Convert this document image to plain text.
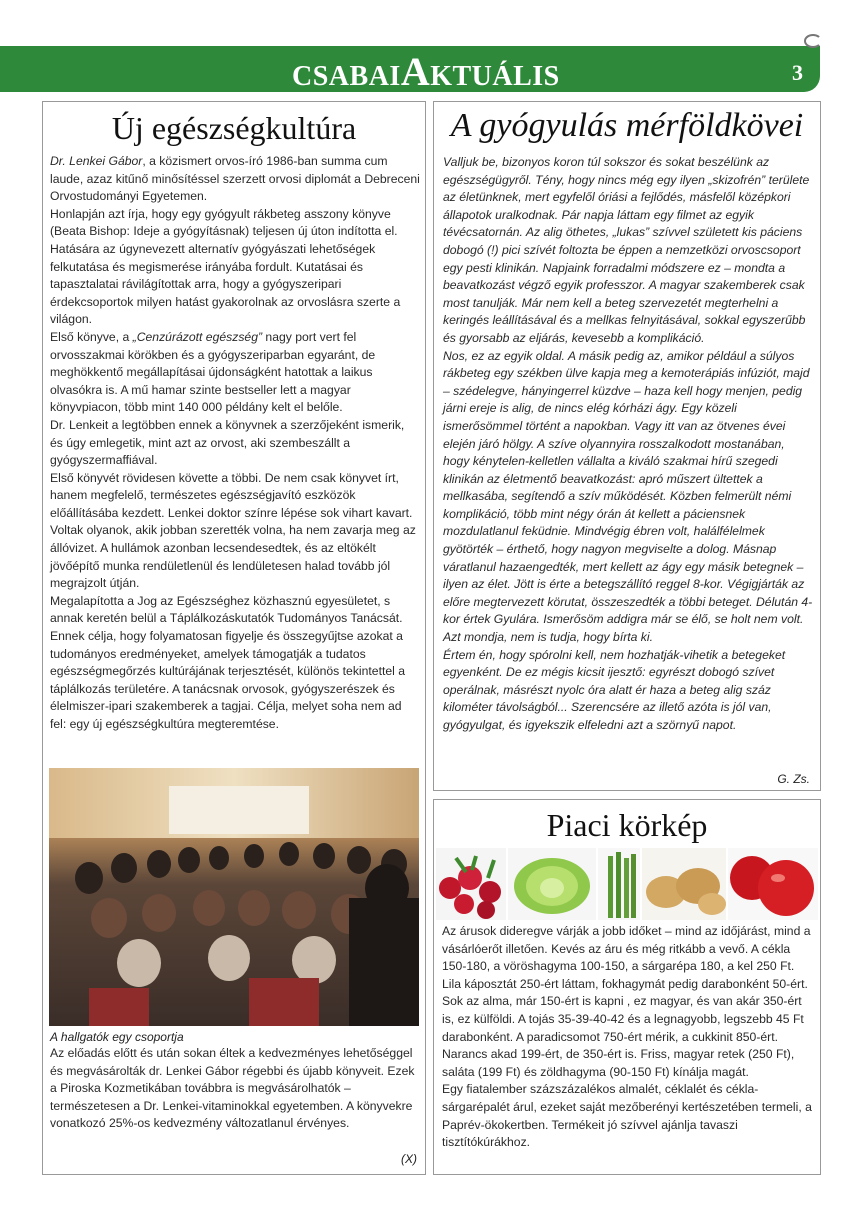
CSABAIAKTUÁLIS	3
Új egészségkultúra

Dr. Lenkei Gábor, a közismert orvos-író 1986-ban summa cum laude, azaz kitűnő minősítéssel szerzett orvosi diplomát a Debreceni Orvostudományi Egyetemen.

Honlapján azt írja, hogy egy gyógyult rákbeteg asszony könyve (Beata Bishop: Ideje a gyógyításnak) teljesen új úton indította el. Hatására az úgynevezett alternatív gyógyászati lehetőségek felkutatása és megismerése irányába fordult. Kutatásai és tapasztalatai rávilágítottak arra, hogy a gyógyszeripari érdekcsoportok milyen hatást gyakorolnak az orvoslásra szerte a világon.

Első könyve, a „Cenzúrázott egészség” nagy port vert fel orvosszakmai körökben és a gyógyszeriparban egyaránt, de meghökkentő megállapításai újdonságként hatottak a laikus olvasókra is. A mű hamar szinte bestseller lett a magyar könyvpiacon, több mint 140 000 példány kelt el belőle.

Dr. Lenkeit a legtöbben ennek a könyvnek a szerzőjeként ismerik, és úgy emlegetik, mint azt az orvost, aki szembeszállt a gyógyszermaffiával.

Első könyvét rövidesen követte a többi. De nem csak könyvet írt, hanem megfelelő, természetes egészségjavító eszközök előállításába kezdett. Lenkei doktor színre lépése sok vihart kavart. Voltak olyanok, akik jobban szerették volna, ha nem zavarja meg az állóvizet. A hullámok azonban lecsendesedtek, és az eltökélt jövőépítő munka rendületlenül és lendületesen halad tovább jól megrajzolt útján.

Megalapította a Jog az Egészséghez közhasznú egyesületet, s annak keretén belül a Táplálkozáskutatók Tudományos Tanácsát. Ennek célja, hogy folyamatosan figyelje és összegyűjtse azokat a tudományos eredményeket, amelyek támogatják a tudatos egészségmegőrzés kultúrájának terjesztését, különös tekintettel a táplálkozás területére. A tanácsnak orvosok, gyógyszerészek és élelmiszer-ipari szakemberek a tagjai. Célja, melyet soha nem ad fel: egy új egészségkultúra megteremtése.

A hallgatók egy csoportja
Az előadás előtt és után sokan éltek a kedvezményes lehetőséggel és megvásárolták dr. Lenkei Gábor régebbi és újabb könyveit. Ezek a Piroska Kozmetikában továbbra is megvásárolhatók – természetesen a Dr. Lenkei-vitaminokkal egyetemben. A könyvekre vonatkozó 25%-os kedvezmény változatlanul érvényes.
(X)
A gyógyulás mérföldkövei

Valljuk be, bizonyos koron túl sokszor és sokat beszélünk az egészségügyről. Tény, hogy nincs még egy ilyen „skizofrén” területe az életünknek, mert egyfelől óriási a fejlődés, másfelől középkori állapotok uralkodnak. Pár napja láttam egy filmet az egyik tévécsatornán. Az alig öthetes, „lukas” szívvel született kis páciens dobogó (!) pici szívét foltozta be éppen a nemzetközi orvoscsoport egy pesti klinikán. Napjaink forradalmi módszere ez – mondta a beavatkozást végző egyik professzor. A magyar szakemberek csak most tanulják. Már nem kell a beteg szervezetét megterhelni a keringés leállításával és a mellkas felnyitásával, sokkal egyszerűbb és gyorsabb az eljárás, kevesebb a komplikáció.

Nos, ez az egyik oldal. A másik pedig az, amikor például a súlyos rákbeteg egy székben ülve kapja meg a kemoterápiás infúziót, majd – szédelegve, hányingerrel küzdve – haza kell hogy menjen, pedig járni ereje is alig, de nincs elég kórházi ágy. Egy közeli ismerősömmel történt a napokban. Vagy itt van az ötvenes évei elején járó hölgy. A szíve olyannyira rosszalkodott mostanában, hogy kénytelen-kelletlen vállalta a kiváló szakmai hírű szegedi klinikán az életmentő beavatkozást: apró műszert ültettek a mellkasába, segítendő a szív működését. Közben felmerült némi komplikáció, több mint négy órán át kellett a páciensnek mozdulatlanul feküdnie. Mindvégig ébren volt, halálfélelmek gyötörték – érthető, hogy nagyon megviselte a dolog. Másnap váratlanul hazaengedték, mert kellett az ágy egy másik betegnek – ilyen az élet. Jött is érte a betegszállító reggel 8-kor. Végigjárták az előre megtervezett körutat, összeszedték a többi beteget. Délután 4-kor értek Gyulára. Ismerősöm addigra már se élő, se holt nem volt. Azt mondja, nem is tudja, hogy bírta ki.

Értem én, hogy spórolni kell, nem hozhatják-vihetik a betegeket egyenként. De ez mégis kicsit ijesztő: egyrészt dobogó szívet operálnak, másrészt nyolc óra alatt ér haza a beteg alig száz kilométer távolságból... Szerencsére az illető azóta is jól van, gyógyulgat, és igyekszik elfeledni azt a szörnyű napot.

G. Zs.
Piaci körkép

Az árusok dideregve várják a jobb időket – mind az időjárást, mind a vásárlóerőt illetően. Kevés az áru és még ritkább a vevő. A cékla 150-180, a vöröshagyma 100-150, a sárgarépa 180, a kel 250 Ft. Lila káposztát 250-ért láttam, fokhagymát pedig darabonként 50-ért. Sok az alma, már 150-ért is kapni , ez magyar, és van akár 350-ért is, ez külföldi. A tojás 35-39-40-42 és a legnagyobb, legszebb 45 Ft darabonként. A paradicsomot 750-ért mérik, a cukkinit 850-ért. Narancs akad 199-ért, de 350-ért is. Friss, magyar retek (250 Ft), saláta (199 Ft) és zöldhagyma (90-150 Ft) kínálja magát.

Egy fiatalember százszázalékos almalét, céklalét és cékla-sárgarépalét árul, ezeket saját mezőberényi kertészetében termeli, a Paprév-ökokertben. Termékeit jó szívvel ajánlja tavaszi tisztítókúrákhoz.
